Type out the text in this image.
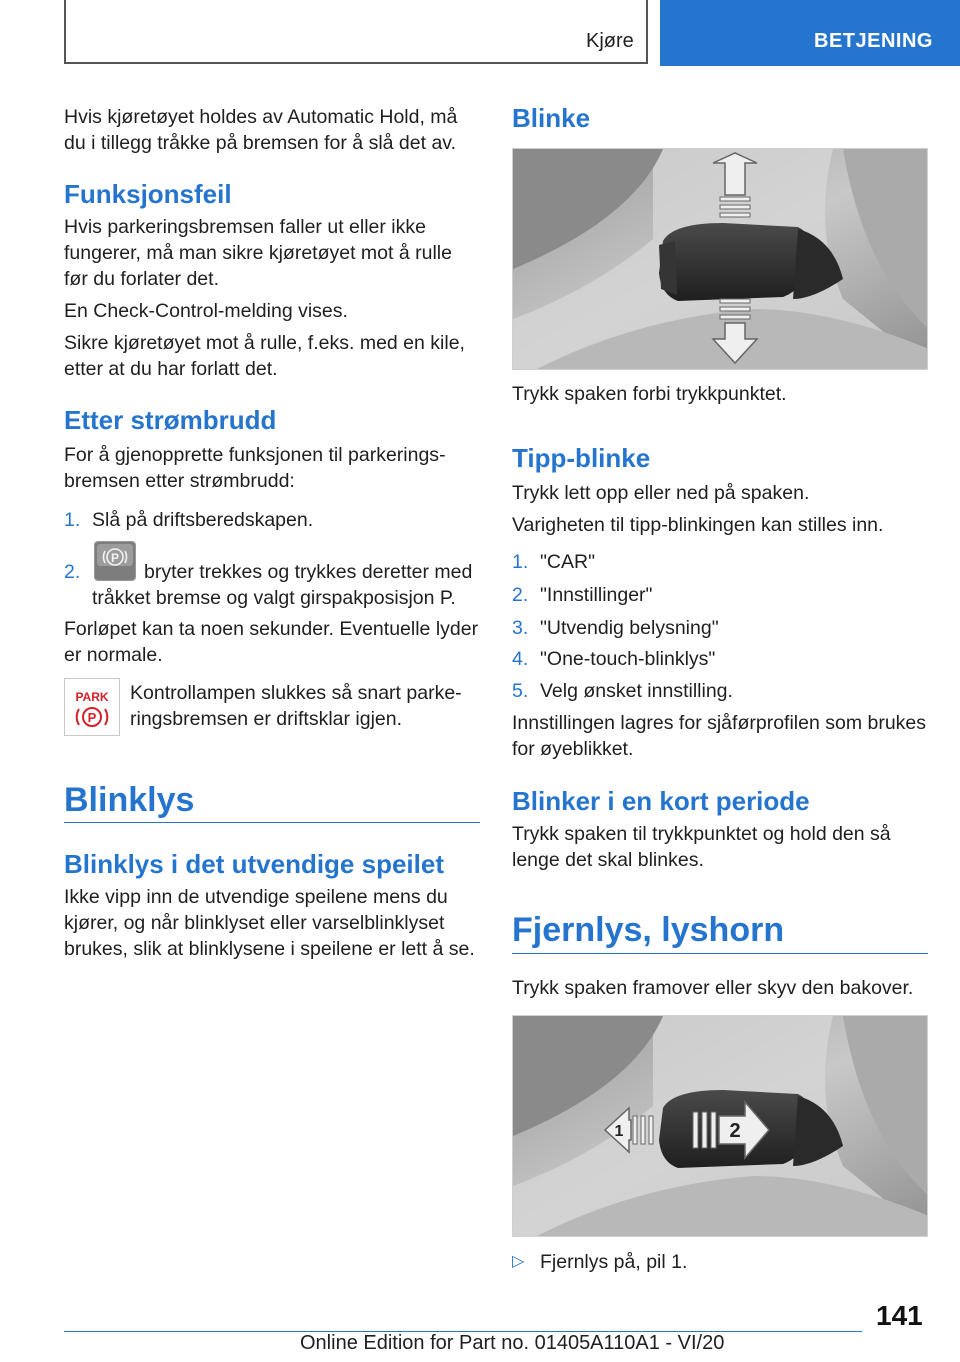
Kjøre	BETJENING

Hvis kjøretøyet holdes av Automatic Hold, må du i tillegg tråkke på bremsen for å slå det av.

Funksjonsfeil

Hvis parkeringsbremsen faller ut eller ikke fungerer, må man sikre kjøretøyet mot å rulle før du forlater det.

En Check-Control-melding vises.

Sikre kjøretøyet mot å rulle, f.eks. med en kile, etter at du har forlatt det.

Etter strømbrudd

For å gjenopprette funksjonen til parkeringsbremsen etter strømbrudd:

1. Slå på driftsberedskapen.
2.
P
bryter trekkes og trykkes deretter med tråkket bremse og valgt girspakposisjon P.

Forløpet kan ta noen sekunder. Eventuelle lyder er normale.

PARK
P

Kontrollampen slukkes så snart parkeringsbremsen er driftsklar igjen.

Blinklys
Blinklys i det utvendige speilet

Ikke vipp inn de utvendige speilene mens du kjører, og når blinklyset eller varselblinklyset brukes, slik at blinklysene i speilene er lett å se.

Blinke

Trykk spaken forbi trykkpunktet.

Tipp-blinke

Trykk lett opp eller ned på spaken.

Varigheten til tipp-blinkingen kan stilles inn.

1. "CAR"
2. "Innstillinger"
3. "Utvendig belysning"
4. "One-touch-blinklys"
5. Velg ønsket innstilling.

Innstillingen lagres for sjåførprofilen som brukes for øyeblikket.

Blinker i en kort periode

Trykk spaken til trykkpunktet og hold den så lenge det skal blinkes.

Fjernlys, lyshorn

Trykk spaken framover eller skyv den bakover.

1	2
▷ Fjernlys på, pil 1.
141
Online Edition for Part no. 01405A110A1 - VI/20
